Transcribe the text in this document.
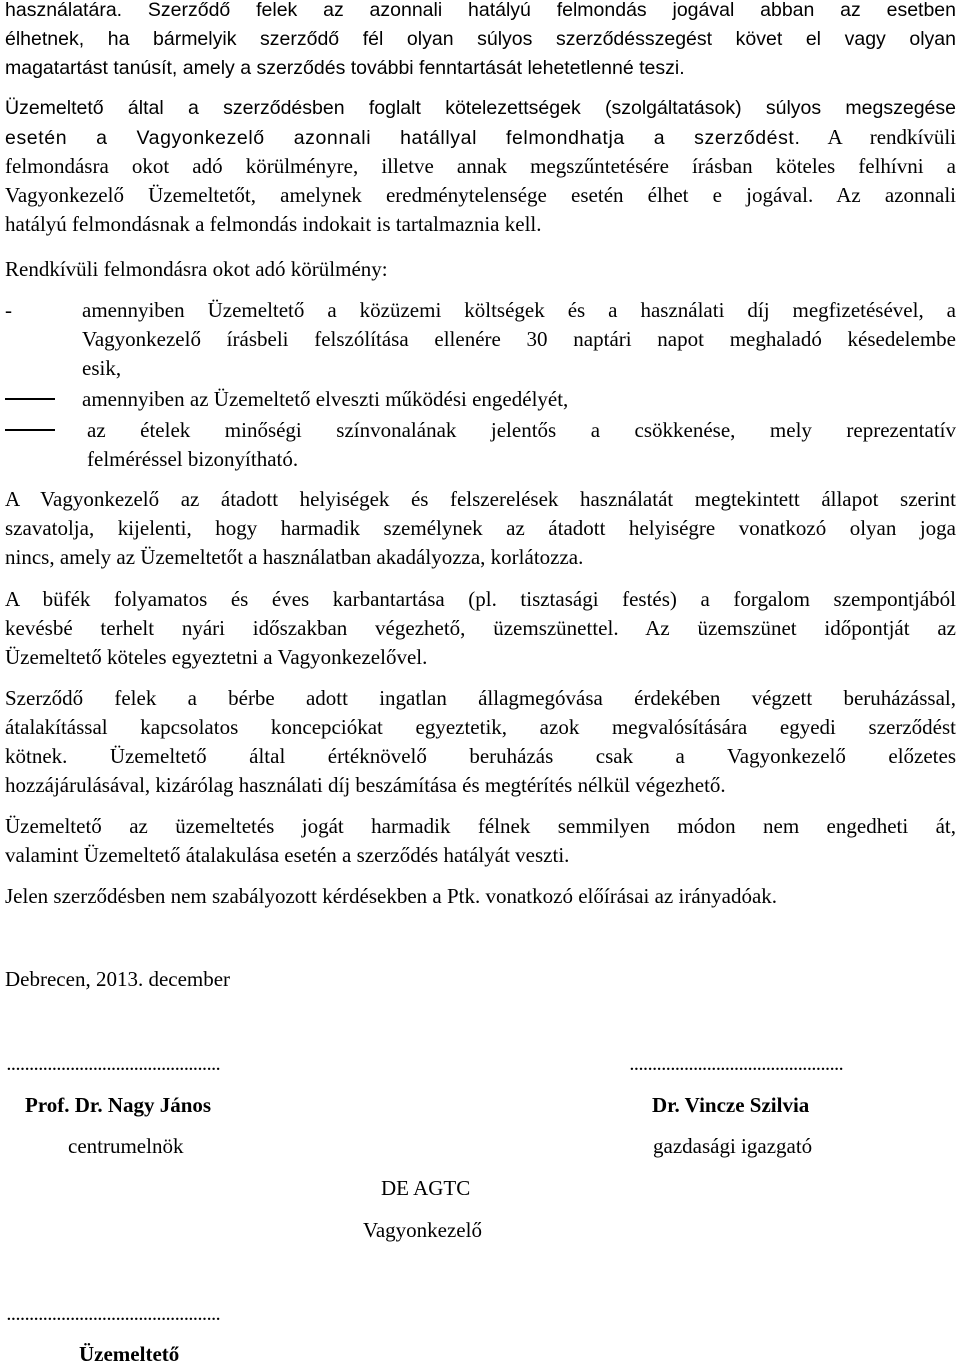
használatára. Szerződő felek az azonnali hatályú felmondás jogával abban az esetben

élhetnek, ha bármelyik szerződő fél olyan súlyos szerződésszegést követ el vagy olyan

magatartást tanúsít, amely a szerződés további fenntartását lehetetlenné teszi.

Üzemeltető által a szerződésben foglalt kötelezettségek (szolgáltatások) súlyos megszegése

esetén a Vagyonkezelő azonnali hatállyal felmondhatja a szerződést. A rendkívüli

felmondásra okot adó körülményre, illetve annak megszűntetésére írásban köteles felhívni a

Vagyonkezelő Üzemeltetőt, amelynek eredménytelensége esetén élhet e jogával. Az azonnali

hatályú felmondásnak a felmondás indokait is tartalmaznia kell.

Rendkívüli felmondásra okot adó körülmény:

-	amennyiben Üzemeltető a közüzemi költségek és a használati díj megfizetésével, a

Vagyonkezelő írásbeli felszólítása ellenére 30 naptári napot meghaladó késedelembe

esik,

amennyiben az Üzemeltető elveszti működési engedélyét,

az ételek minőségi színvonalának jelentős a csökkenése, mely reprezentatív

felméréssel bizonyítható.

A Vagyonkezelő az átadott helyiségek és felszerelések használatát megtekintett állapot szerint

szavatolja, kijelenti, hogy harmadik személynek az átadott helyiségre vonatkozó olyan joga

nincs, amely az Üzemeltetőt a használatban akadályozza, korlátozza.

A büfék folyamatos és éves karbantartása (pl. tisztasági festés) a forgalom szempontjából

kevésbé terhelt nyári időszakban végezhető, üzemszünettel. Az üzemszünet időpontját az

Üzemeltető köteles egyeztetni a Vagyonkezelővel.

Szerződő felek a bérbe adott ingatlan állagmegóvása érdekében végzett beruházással,

átalakítással kapcsolatos koncepciókat egyeztetik, azok megvalósítására egyedi szerződést

kötnek. Üzemeltető által értéknövelő beruházás csak a Vagyonkezelő előzetes

hozzájárulásával, kizárólag használati díj beszámítása és megtérítés nélkül végezhető.

Üzemeltető az üzemeltetés jogát harmadik félnek semmilyen módon nem engedheti át,

valamint Üzemeltető átalakulása esetén a szerződés hatályát veszti.

Jelen szerződésben nem szabályozott kérdésekben a Ptk. vonatkozó előírásai az irányadóak.

Debrecen, 2013. december

...............................................	...............................................
Prof. Dr. Nagy János	Dr. Vincze Szilvia
centrumelnök	gazdasági igazgató
DE AGTC
Vagyonkezelő
...............................................
Üzemeltető
